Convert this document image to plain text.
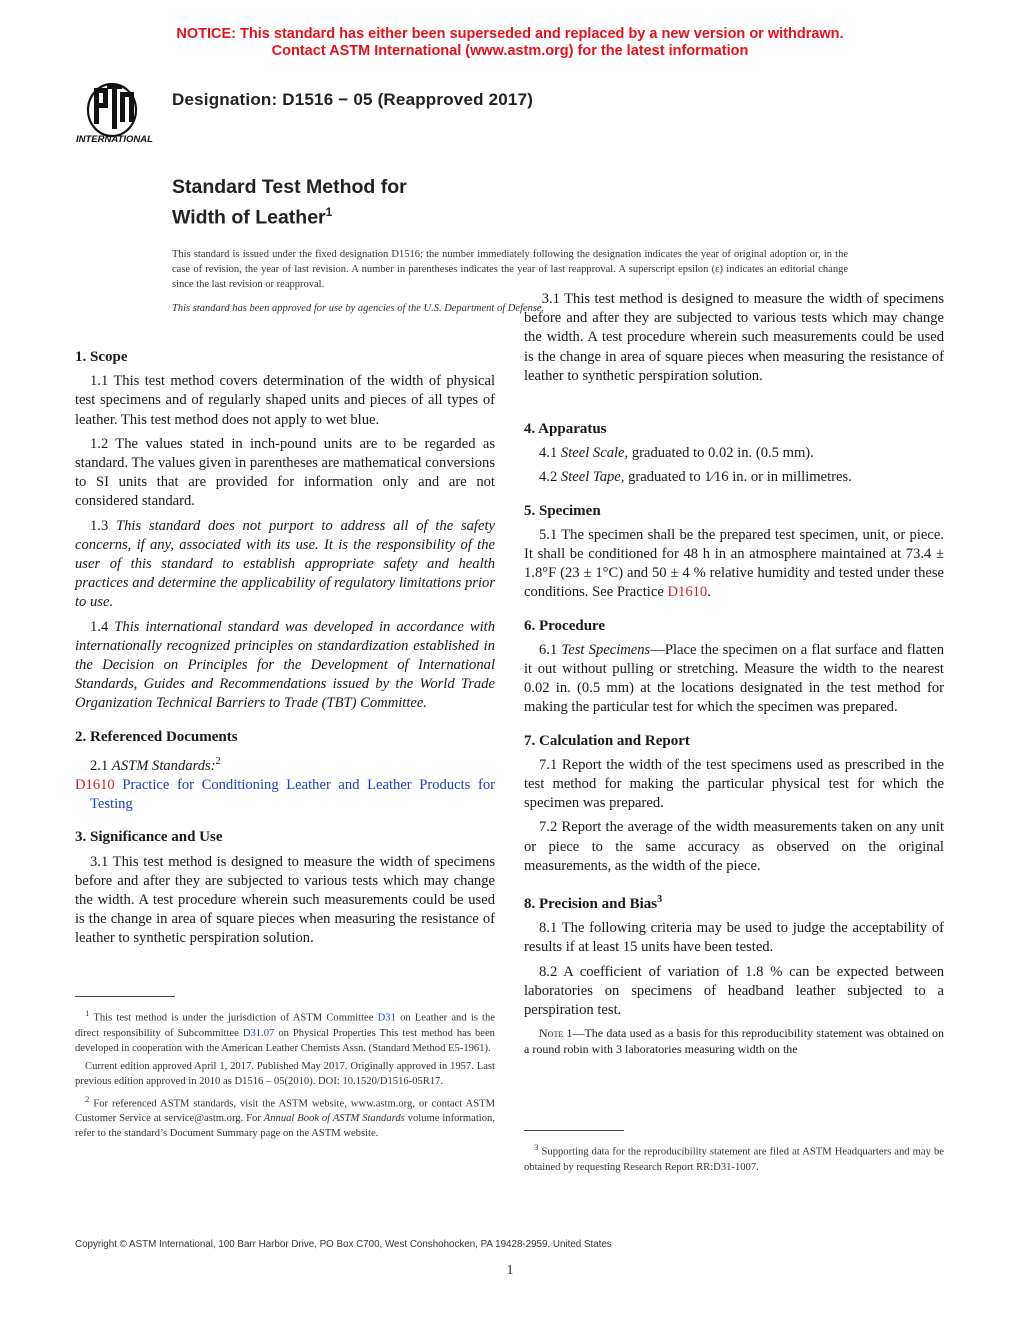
NOTICE: This standard has either been superseded and replaced by a new version or withdrawn.
Contact ASTM International (www.astm.org) for the latest information
INTERNATIONAL
Designation: D1516 − 05 (Reapproved 2017)
Standard Test Method for
Width of Leather$^1$
This standard is issued under the fixed designation D1516; the number immediately following the designation indicates the year of original adoption or, in the case of revision, the year of last revision. A number in parentheses indicates the year of last reapproval. A superscript epsilon (ε) indicates an editorial change since the last revision or reapproval.
This standard has been approved for use by agencies of the U.S. Department of Defense.
1. Scope

1.1 This test method covers determination of the width of physical test specimens and of regularly shaped units and pieces of all types of leather. This test method does not apply to wet blue.

1.2 The values stated in inch-pound units are to be regarded as standard. The values given in parentheses are mathematical conversions to SI units that are provided for information only and are not considered standard.

1.3 This standard does not purport to address all of the safety concerns, if any, associated with its use. It is the responsibility of the user of this standard to establish appropriate safety and health practices and determine the applicability of regulatory limitations prior to use.

1.4 This international standard was developed in accordance with internationally recognized principles on standardization established in the Decision on Principles for the Development of International Standards, Guides and Recommendations issued by the World Trade Organization Technical Barriers to Trade (TBT) Committee.

2. Referenced Documents

2.1 ASTM Standards:$^2$

D1610 Practice for Conditioning Leather and Leather Products for Testing
3. Significance and Use

3.1 This test method is designed to measure the width of specimens before and after they are subjected to various tests which may change the width. A test procedure wherein such measurements could be used is the change in area of square pieces when measuring the resistance of leather to synthetic perspiration solution.

$^1$ This test method is under the jurisdiction of ASTM Committee D31 on Leather and is the direct responsibility of Subcommittee D31.07 on Physical Properties This test method has been developed in cooperation with the American Leather Chemists Assn. (Standard Method E5-1961).

Current edition approved April 1, 2017. Published May 2017. Originally approved in 1957. Last previous edition approved in 2010 as D1516 – 05(2010). DOI: 10.1520/D1516-05R17.

$^2$ For referenced ASTM standards, visit the ASTM website, www.astm.org, or contact ASTM Customer Service at service@astm.org. For Annual Book of ASTM Standards volume information, refer to the standard’s Document Summary page on the ASTM website.

3.1 This test method is designed to measure the width of specimens before and after they are subjected to various tests which may change the width. A test procedure wherein such measurements could be used is the change in area of square pieces when measuring the resistance of leather to synthetic perspiration solution.
4. Apparatus

4.1 Steel Scale, graduated to 0.02 in. (0.5 mm).

4.2 Steel Tape, graduated to 1⁄16 in. or in millimetres.

5. Specimen

5.1 The specimen shall be the prepared test specimen, unit, or piece. It shall be conditioned for 48 h in an atmosphere maintained at 73.4 ± 1.8°F (23 ± 1°C) and 50 ± 4 % relative humidity and tested under these conditions. See Practice D1610.

6. Procedure

6.1 Test Specimens—Place the specimen on a flat surface and flatten it out without pulling or stretching. Measure the width to the nearest 0.02 in. (0.5 mm) at the locations designated in the test method for making the particular test for which the specimen was prepared.

7. Calculation and Report

7.1 Report the width of the test specimens used as prescribed in the test method for making the particular physical test for which the specimen was prepared.

7.2 Report the average of the width measurements taken on any unit or piece to the same accuracy as observed on the original measurements, as the width of the piece.

8. Precision and Bias$^3$

8.1 The following criteria may be used to judge the acceptability of results if at least 15 units have been tested.

8.2 A coefficient of variation of 1.8 % can be expected between laboratories on specimens of headband leather subjected to a perspiration test.

Note 1—The data used as a basis for this reproducibility statement was obtained on a round robin with 3 laboratories measuring width on the

$^3$ Supporting data for the reproducibility statement are filed at ASTM Headquarters and may be obtained by requesting Research Report RR:D31-1007.

Copyright © ASTM International, 100 Barr Harbor Drive, PO Box C700, West Conshohocken, PA 19428-2959. United States
1
